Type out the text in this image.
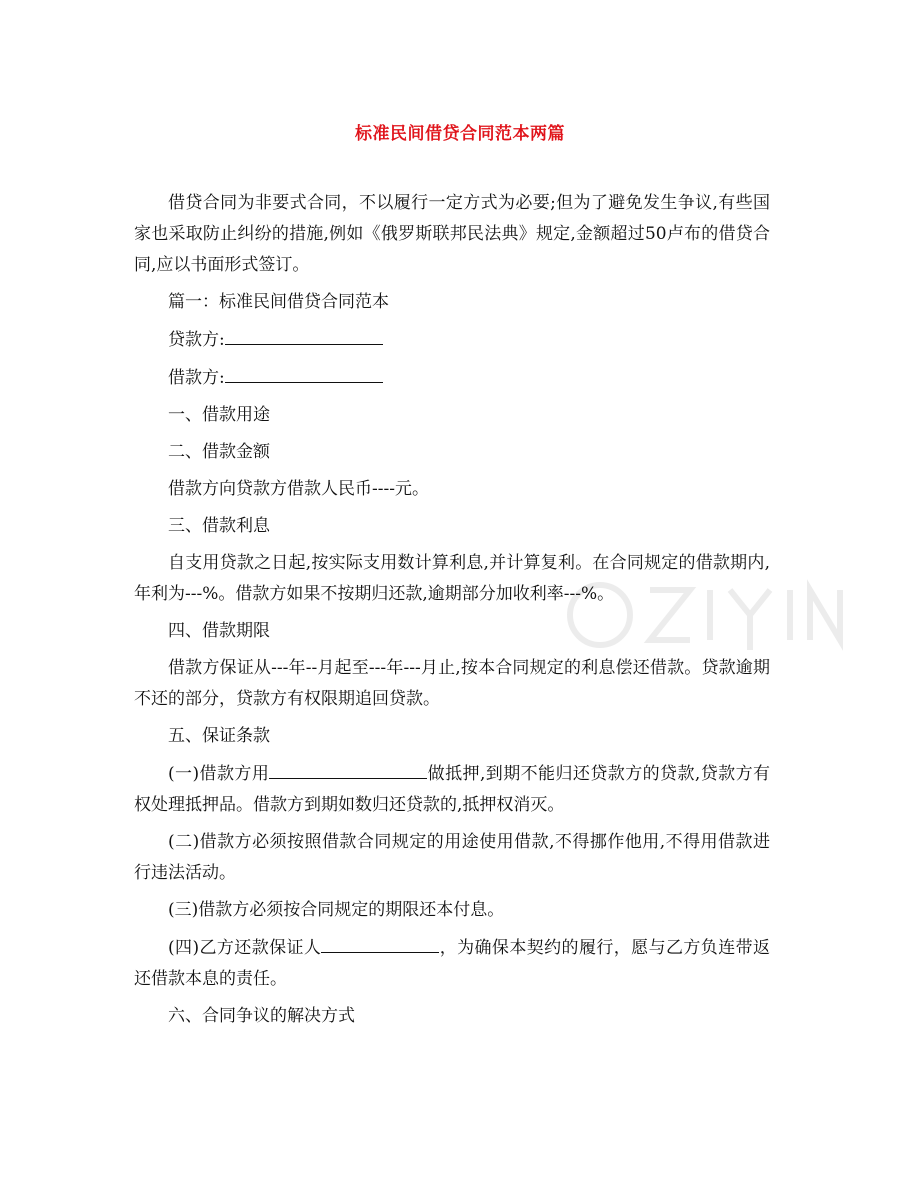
标准民间借贷合同范本两篇

借贷合同为非要式合同，不以履行一定方式为必要;但为了避免发生争议,有些国家也采取防止纠纷的措施,例如《俄罗斯联邦民法典》规定,金额超过50卢布的借贷合同,应以书面形式签订。

篇一：标准民间借贷合同范本

贷款方:

借款方:

一、借款用途

二、借款金额

借款方向贷款方借款人民币----元。

三、借款利息

自支用贷款之日起,按实际支用数计算利息,并计算复利。在合同规定的借款期内,年利为---%。借款方如果不按期归还款,逾期部分加收利率---%。

四、借款期限

借款方保证从---年--月起至---年---月止,按本合同规定的利息偿还借款。贷款逾期不还的部分，贷款方有权限期追回贷款。

五、保证条款

(一)借款方用	做抵押,到期不能归还贷款方的贷款,贷款方有权处理抵押品。借款方到期如数归还贷款的,抵押权消灭。

(二)借款方必须按照借款合同规定的用途使用借款,不得挪作他用,不得用借款进行违法活动。

(三)借款方必须按合同规定的期限还本付息。

(四)乙方还款保证人	，为确保本契约的履行，愿与乙方负连带返还借款本息的责任。

六、合同争议的解决方式
